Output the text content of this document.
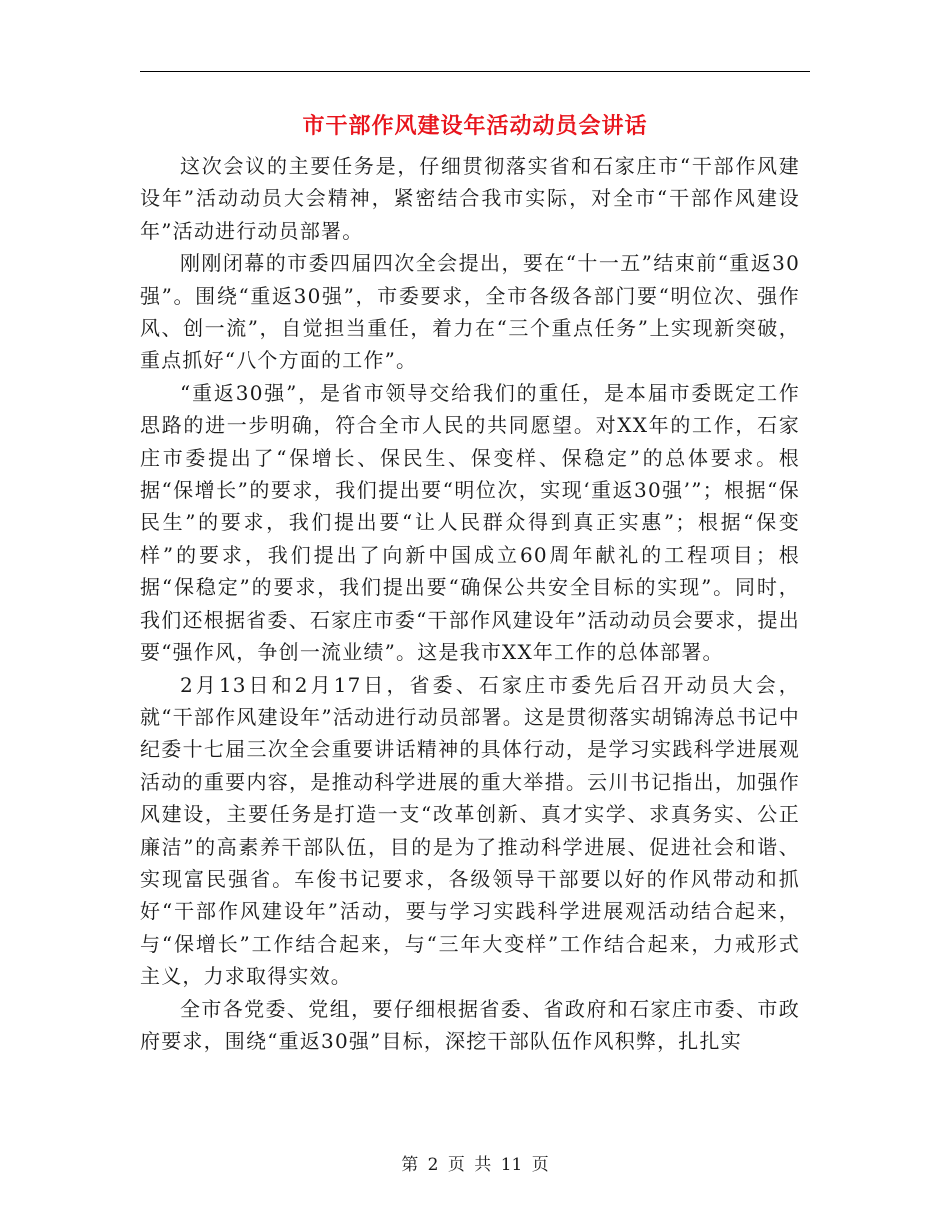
市干部作风建设年活动动员会讲话

这次会议的主要任务是，仔细贯彻落实省和石家庄市“干部作风建设年”活动动员大会精神，紧密结合我市实际，对全市“干部作风建设年”活动进行动员部署。

刚刚闭幕的市委四届四次全会提出，要在“十一五”结束前“重返30强”。围绕“重返30强”，市委要求，全市各级各部门要“明位次、强作风、创一流”，自觉担当重任，着力在“三个重点任务”上实现新突破，重点抓好“八个方面的工作”。

“重返30强”，是省市领导交给我们的重任，是本届市委既定工作思路的进一步明确，符合全市人民的共同愿望。对XX年的工作，石家庄市委提出了“保增长、保民生、保变样、保稳定”的总体要求。根据“保增长”的要求，我们提出要“明位次，实现‘重返30强’”；根据“保民生”的要求，我们提出要“让人民群众得到真正实惠”；根据“保变样”的要求，我们提出了向新中国成立60周年献礼的工程项目；根据“保稳定”的要求，我们提出要“确保公共安全目标的实现”。同时，我们还根据省委、石家庄市委“干部作风建设年”活动动员会要求，提出要“强作风，争创一流业绩”。这是我市XX年工作的总体部署。

2月13日和2月17日，省委、石家庄市委先后召开动员大会，就“干部作风建设年”活动进行动员部署。这是贯彻落实胡锦涛总书记中纪委十七届三次全会重要讲话精神的具体行动，是学习实践科学进展观活动的重要内容，是推动科学进展的重大举措。云川书记指出，加强作风建设，主要任务是打造一支“改革创新、真才实学、求真务实、公正廉洁”的高素养干部队伍，目的是为了推动科学进展、促进社会和谐、实现富民强省。车俊书记要求，各级领导干部要以好的作风带动和抓好“干部作风建设年”活动，要与学习实践科学进展观活动结合起来，与“保增长”工作结合起来，与“三年大变样”工作结合起来，力戒形式主义，力求取得实效。

全市各党委、党组，要仔细根据省委、省政府和石家庄市委、市政府要求，围绕“重返30强”目标，深挖干部队伍作风积弊，扎扎实

第 2 页 共 11 页
